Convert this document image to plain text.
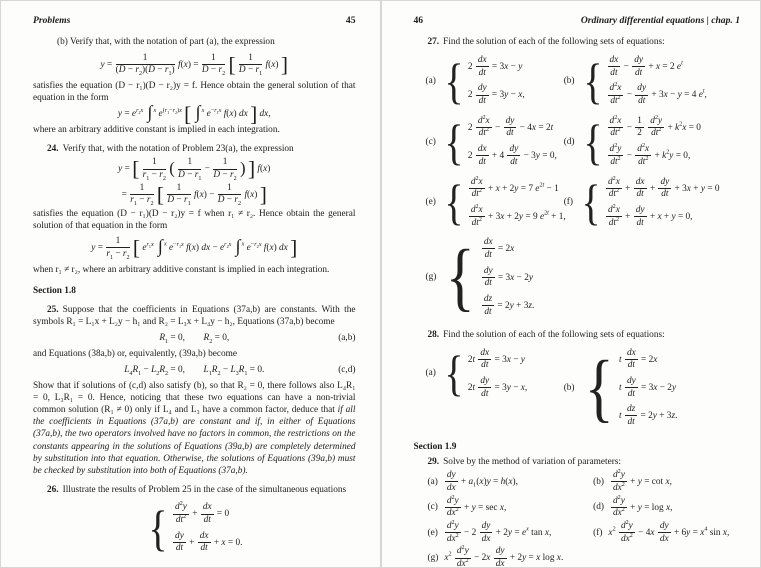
Problems	45

(b) Verify that, with the notation of part (a), the expression

$y = \frac{1}{(D - r_2)(D - r_1)} f(x) = \frac{1}{D - r_2}$ [ $\frac{1}{D - r_1} f(x)$ ]

satisfies the equation (D − r₁)(D − r₂)y = f. Hence obtain the general solution of that equation in the form

$y = e^{r_2x}$ ∫$^x$ $e^{(r_1-r_2)x}$ [ ∫$^x$ $e^{-r_1x}$ f(x) dx ] dx,

where an arbitrary additive constant is implied in each integration.

24. Verify that, with the notation of Problem 23(a), the expression

y = [ $\frac{1}{r_1 - r_2}$ ( $\frac{1}{D - r_1} - \frac{1}{D - r_2}$ ) ] f(x)
= $\frac{1}{r_1 - r_2}$ [ $\frac{1}{D - r_1} f(x) - \frac{1}{D - r_2} f(x)$ ]

satisfies the equation (D − r₁)(D − r₂)y = f when r₁ ≠ r₂. Hence obtain the general solution of that equation in the form

$y = \frac{1}{r_1 - r_2}$ [ $e^{r_1x}$ ∫$^x$ $e^{-r_1x}$ f(x) dx − $e^{r_2x}$ ∫$^x$ $e^{-r_2x}$ f(x) dx ]

when r₁ ≠ r₂, where an arbitrary additive constant is implied in each integration.

Section 1.8

25. Suppose that the coefficients in Equations (37a,b) are constants. With the symbols R₁ = L₁x + L₂y − h₁ and R₂ = L₃x + L₄y − h₂, Equations (37a,b) become

$R_1 = 0$,  $R_2 = 0$,	(a,b)

and Equations (38a,b) or, equivalently, (39a,b) become

$L_4R_1 - L_2R_2 = 0$,  $L_1R_2 - L_3R_1 = 0$.	(c,d)

Show that if solutions of (c,d) also satisfy (b), so that R₂ = 0, there follows also L₄R₁ = 0, L₃R₁ = 0. Hence, noticing that these two equations can have a non-trivial common solution (R₁ ≠ 0) only if L₄ and L₃ have a common factor, deduce that if all the coefficients in Equations (37a,b) are constant and if, in either of Equations (37a,b), the two operators involved have no factors in common, the restrictions on the constants appearing in the solutions of Equations (39a,b) are completely determined by substitution into that equation. Otherwise, the solutions of Equations (39a,b) must be checked by substitution into both of Equations (37a,b).

26. Illustrate the results of Problem 25 in the case of the simultaneous equations

{ $\frac{d^2y}{dt^2} + \frac{dx}{dt} = 0$
$\frac{dy}{dt} + \frac{dx}{dt} + x = 0$.
46	Ordinary differential equations | chap. 1

27. Find the solution of each of the following sets of equations:

(a) { $2 \frac{dx}{dt} = 3x - y$
$2 \frac{dy}{dt} = 3y - x$,
(b) { $\frac{dx}{dt} - \frac{dy}{dt} + x = 2$ $e^t$
$\frac{d^2x}{dt^2} - \frac{dy}{dt} + 3x - y = 4$ $e^t$,
(c) { $2 \frac{d^2x}{dt^2} - \frac{dy}{dt} - 4x = 2t$
$2 \frac{dx}{dt} + 4 \frac{dy}{dt} - 3y = 0$,
(d) { $\frac{d^2x}{dt^2} - \frac{1}{2}$
$\frac{d^2y}{dt^2} + k^2x = 0$
$\frac{d^2y}{dt^2} - \frac{d^2x}{dt^2} + k^2y = 0$,
(e) { $\frac{d^2x}{dt^2} + x + 2y = 7$ $e^{2t} - 1$
$\frac{d^2x}{dt^2} + 3x + 2y = 9$ $e^{2t} + 1$,
(f) { $\frac{d^2x}{dt^2} + \frac{dx}{dt} + \frac{dy}{dt} + 3x + y = 0$
$\frac{d^2x}{dt^2} + \frac{dy}{dt} + x + y = 0$,
(g) { $\frac{dx}{dt} = 2x$
$\frac{dy}{dt} = 3x - 2y$
$\frac{dz}{dt} = 2y + 3z$.

28. Find the solution of each of the following sets of equations:

(a) { $2t \frac{dx}{dt} = 3x - y$
$2t \frac{dy}{dt} = 3y - x$,	(b) { t $\frac{dx}{dt} = 2x$
t $\frac{dy}{dt} = 3x - 2y$
t $\frac{dz}{dt} = 2y + 3z$.
Section 1.9

29. Solve by the method of variation of parameters:

$(a) \frac{dy}{dx} + a_1(x)y = h(x)$,	$(b) \frac{d^2y}{dx^2} + y = \cot x$,
$(c) \frac{d^2y}{dx^2} + y = \sec x$,	$(d) \frac{d^2y}{dx^2} + y = \log x$,
$(e) \frac{d^2y}{dx^2} - 2 \frac{dy}{dx} + 2y = e^x$ tan x,	(f) $x^2 \frac{d^2y}{dx^2} - 4x \frac{dy}{dx} + 6y = x^4$ sin x,
(g) $x^2 \frac{d^2y}{dx^2} - 2x \frac{dy}{dx} + 2y = x$ log x.
